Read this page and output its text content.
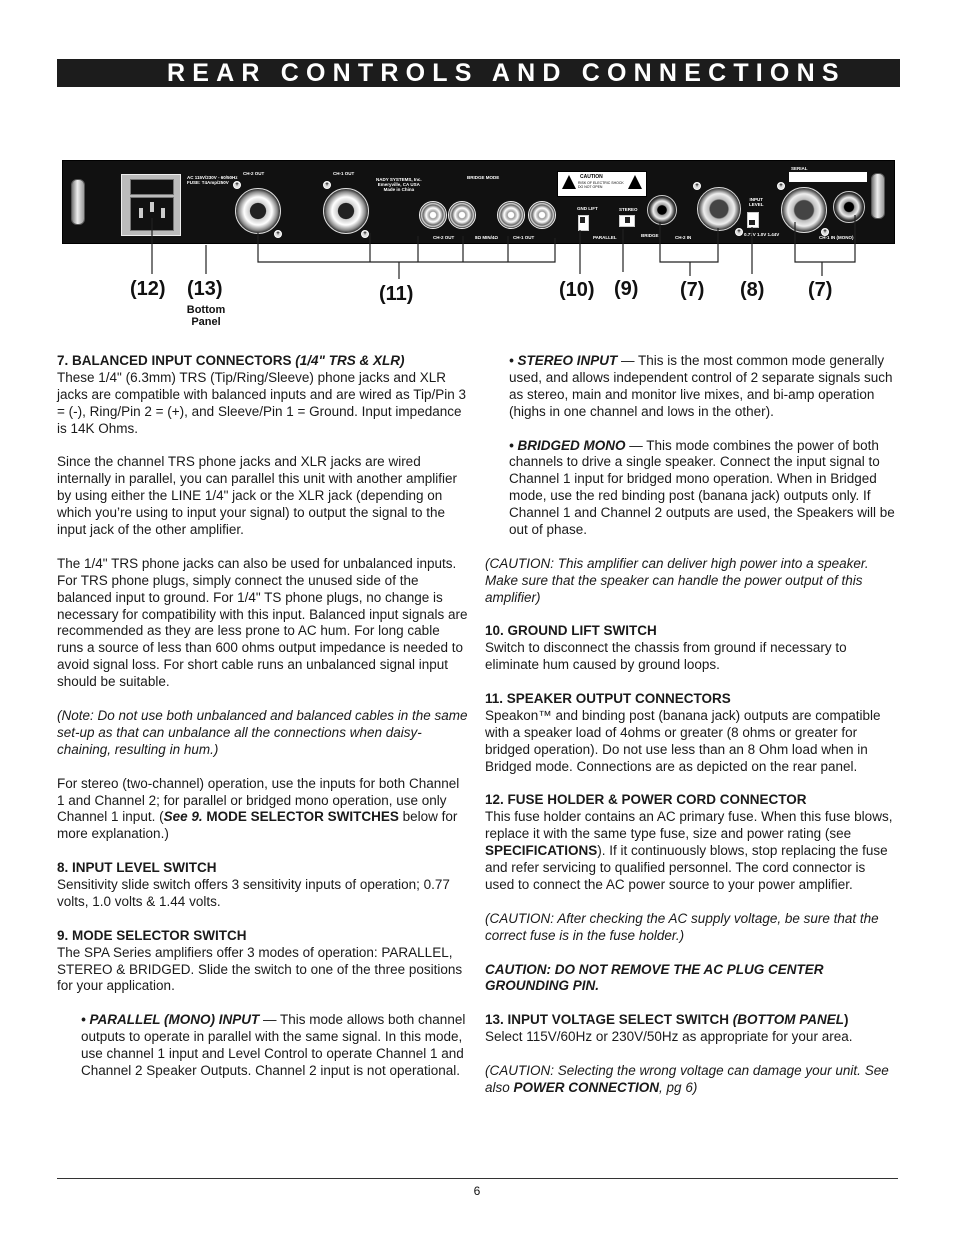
REAR CONTROLS AND CONNECTIONS
AC 115V/230V - 60/50Hz
FUSE: T4Amp/250V
CH-2 OUT
+
+
CH-1 OUT
+
+
NADY SYSTEMS, Inc.
Emeryville, CA USA
Made in China
BRIDGE MODE
CH-2 OUT	8Ω MIN/4Ω	CH-1 OUT
CAUTION
RISK OF ELECTRIC SHOCK
DO NOT OPEN
GND LIFT
PARALLEL
STEREO
BRIDGE
+
+
CH-2 IN
INPUT
LEVEL
0.77V 1.0V 1.44V
SERIAL
+
+
CH-1 IN (MONO)
(12) (13)	(11)	(10) (9) (7) (8) (7)
Bottom
Panel

7. BALANCED INPUT CONNECTORS (1/4" TRS & XLR)

These 1/4" (6.3mm) TRS (Tip/Ring/Sleeve) phone jacks and XLR jacks are compatible with balanced inputs and are wired as Tip/Pin 3 = (-), Ring/Pin 2 = (+), and Sleeve/Pin 1 = Ground. Input impedance is 14K Ohms.

Since the channel TRS phone jacks and XLR jacks are wired internally in parallel, you can parallel this unit with another amplifier by using either the LINE 1/4" jack or the XLR jack (depending on which you’re using to input your signal) to output the signal to the input jack of the other amplifier.

The 1/4" TRS phone jacks can also be used for unbalanced inputs. For TRS phone plugs, simply connect the unused side of the balanced input to ground. For 1/4" TS phone plugs, no change is necessary for compatibility with this input. Balanced input signals are recommended as they are less prone to AC hum. For long cable runs a source of less than 600 ohms output impedance is needed to avoid signal loss. For short cable runs an unbalanced signal input should be suitable.

(Note: Do not use both unbalanced and balanced cables in the same set-up as that can unbalance all the connections when daisy-chaining, resulting in hum.)

For stereo (two-channel) operation, use the inputs for both Channel 1 and Channel 2; for parallel or bridged mono operation, use only Channel 1 input. (See 9. MODE SELECTOR SWITCHES below for more explanation.)

8. INPUT LEVEL SWITCH

Sensitivity slide switch offers 3 sensitivity inputs of operation; 0.77 volts, 1.0 volts & 1.44 volts.

9. MODE SELECTOR SWITCH

The SPA Series amplifiers offer 3 modes of operation: PARALLEL, STEREO & BRIDGED. Slide the switch to one of the three positions for your application.

• PARALLEL (MONO) INPUT — This mode allows both channel outputs to operate in parallel with the same signal. In this mode, use channel 1 input and Level Control to operate Channel 1 and Channel 2 Speaker Outputs. Channel 2 input is not operational.

• STEREO INPUT — This is the most common mode generally used, and allows independent control of 2 separate signals such as stereo, main and monitor live mixes, and bi-amp operation (highs in one channel and lows in the other).

• BRIDGED MONO — This mode combines the power of both channels to drive a single speaker. Connect the input signal to Channel 1 input for bridged mono operation. When in Bridged mode, use the red binding post (banana jack) outputs only. If Channel 1 and Channel 2 outputs are used, the Speakers will be out of phase.

(CAUTION: This amplifier can deliver high power into a speaker. Make sure that the speaker can handle the power output of this amplifier)

10. GROUND LIFT SWITCH

Switch to disconnect the chassis from ground if necessary to eliminate hum caused by ground loops.

11. SPEAKER OUTPUT CONNECTORS

Speakon™ and binding post (banana jack) outputs are compatible with a speaker load of 4ohms or greater (8 ohms or greater for bridged operation). Do not use less than an 8 Ohm load when in Bridged mode. Connections are as depicted on the rear panel.

12. FUSE HOLDER & POWER CORD CONNECTOR

This fuse holder contains an AC primary fuse. When this fuse blows, replace it with the same type fuse, size and power rating (see SPECIFICATIONS). If it continuously blows, stop replacing the fuse and refer servicing to qualified personnel. The cord connector is used to connect the AC power source to your power amplifier.

(CAUTION: After checking the AC supply voltage, be sure that the correct fuse is in the fuse holder.)

CAUTION: DO NOT REMOVE THE AC PLUG CENTER GROUNDING PIN.

13. INPUT VOLTAGE SELECT SWITCH (BOTTOM PANEL)

Select 115V/60Hz or 230V/50Hz as appropriate for your area.

(CAUTION: Selecting the wrong voltage can damage your unit. See also POWER CONNECTION, pg 6)

6
